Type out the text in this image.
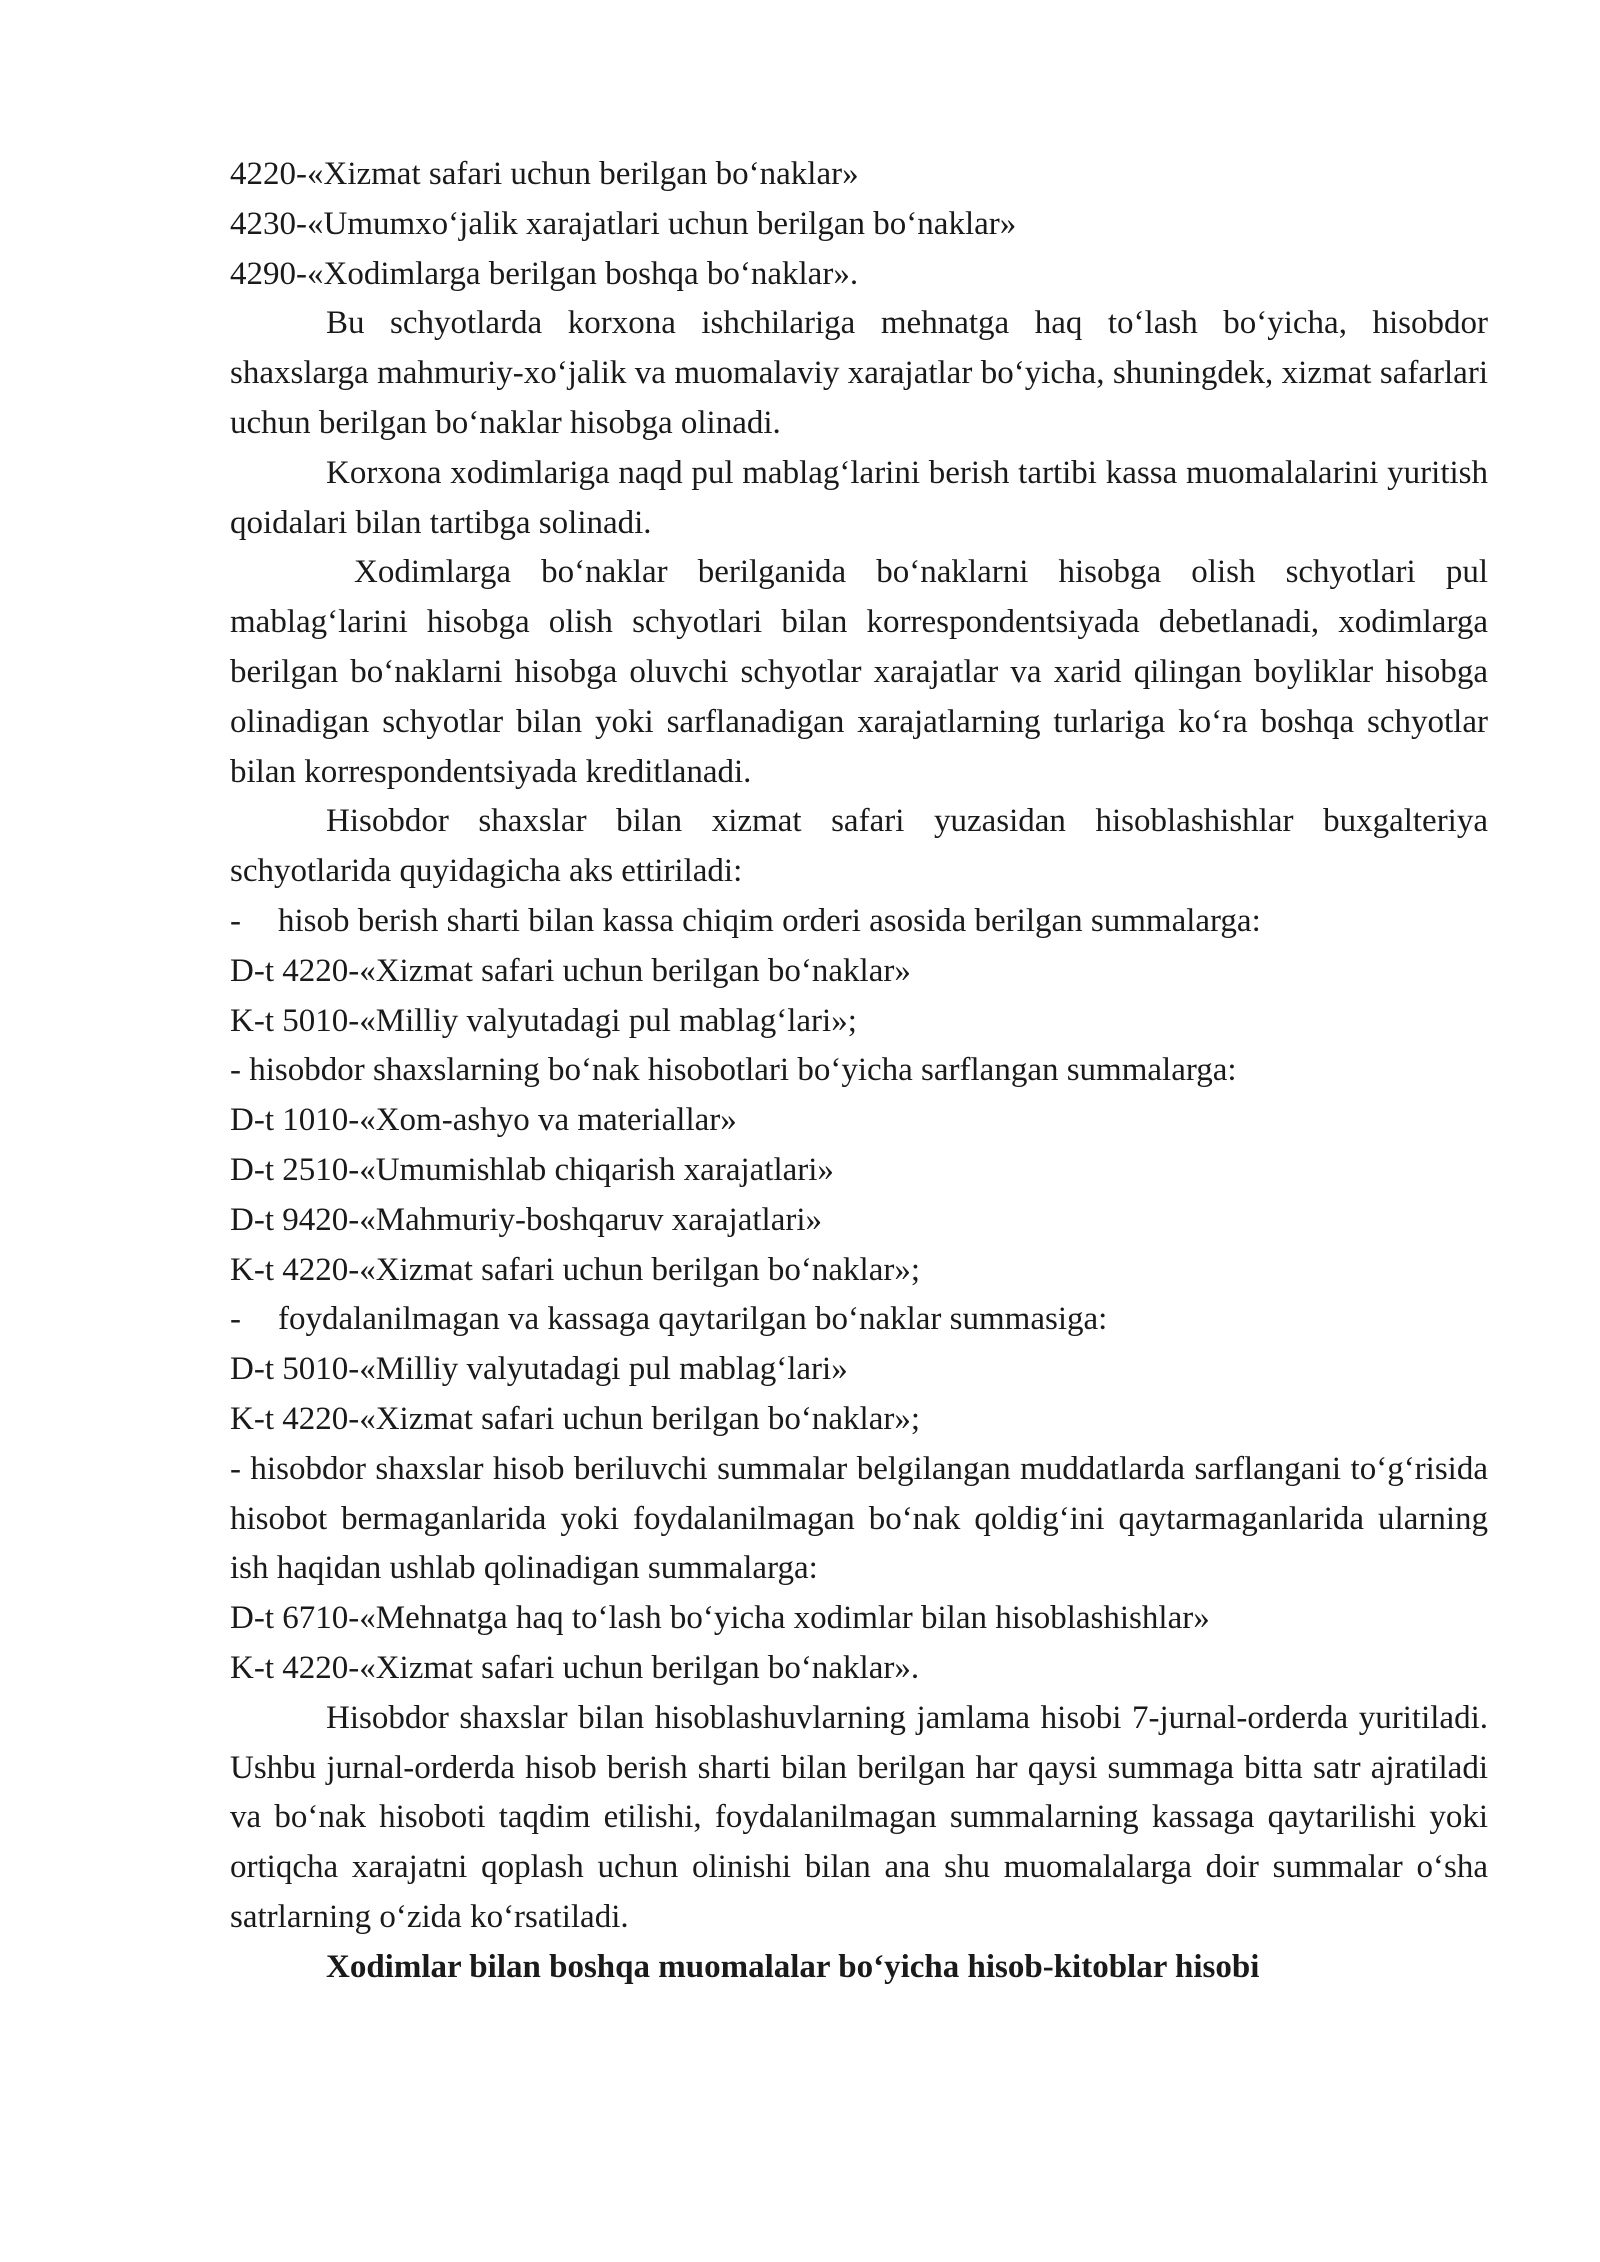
4220-«Xizmat safari uchun berilgan bo‘naklar»

4230-«Umumxo‘jalik xarajatlari uchun berilgan bo‘naklar»

4290-«Xodimlarga berilgan boshqa bo‘naklar».

Bu schyotlarda korxona ishchilariga mehnatga haq to‘lash bo‘yicha, hisobdor shaxslarga mahmuriy-xo‘jalik va muomalaviy xarajatlar bo‘yicha, shuningdek, xizmat safarlari uchun berilgan bo‘naklar hisobga olinadi.

Korxona xodimlariga naqd pul mablag‘larini berish tartibi kassa muomalalarini yuritish qoidalari bilan tartibga solinadi.

Xodimlarga bo‘naklar berilganida bo‘naklarni hisobga olish schyotlari pul mablag‘larini hisobga olish schyotlari bilan korrespondentsiyada debetlanadi, xodimlarga berilgan bo‘naklarni hisobga oluvchi schyotlar xarajatlar va xarid qilingan boyliklar hisobga olinadigan schyotlar bilan yoki sarflanadigan xarajatlarning turlariga ko‘ra boshqa schyotlar bilan korrespondentsiyada kreditlanadi.

Hisobdor shaxslar bilan xizmat safari yuzasidan hisoblashishlar buxgalteriya schyotlarida quyidagicha aks ettiriladi:

- hisob berish sharti bilan kassa chiqim orderi asosida berilgan summalarga:

D-t 4220-«Xizmat safari uchun berilgan bo‘naklar»

K-t 5010-«Milliy valyutadagi pul mablag‘lari»;

- hisobdor shaxslarning bo‘nak hisobotlari bo‘yicha sarflangan summalarga:

D-t 1010-«Xom-ashyo va materiallar»

D-t 2510-«Umumishlab chiqarish xarajatlari»

D-t 9420-«Mahmuriy-boshqaruv xarajatlari»

K-t 4220-«Xizmat safari uchun berilgan bo‘naklar»;

- foydalanilmagan va kassaga qaytarilgan bo‘naklar summasiga:

D-t 5010-«Milliy valyutadagi pul mablag‘lari»

K-t 4220-«Xizmat safari uchun berilgan bo‘naklar»;

- hisobdor shaxslar hisob beriluvchi summalar belgilangan muddatlarda sarflangani to‘g‘risida hisobot bermaganlarida yoki foydalanilmagan bo‘nak qoldig‘ini qaytarmaganlarida ularning ish haqidan ushlab qolinadigan summalarga:

D-t 6710-«Mehnatga haq to‘lash bo‘yicha xodimlar bilan hisoblashishlar»

K-t 4220-«Xizmat safari uchun berilgan bo‘naklar».

Hisobdor shaxslar bilan hisoblashuvlarning jamlama hisobi 7-jurnal-orderda yuritiladi. Ushbu jurnal-orderda hisob berish sharti bilan berilgan har qaysi summaga bitta satr ajratiladi va bo‘nak hisoboti taqdim etilishi, foydalanilmagan summalarning kassaga qaytarilishi yoki ortiqcha xarajatni qoplash uchun olinishi bilan ana shu muomalalarga doir summalar o‘sha satrlarning o‘zida ko‘rsatiladi.

Xodimlar bilan boshqa muomalalar bo‘yicha hisob-kitoblar hisobi
